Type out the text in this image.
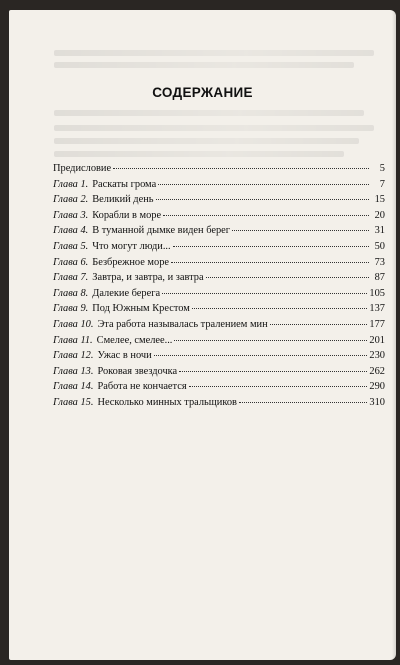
СОДЕРЖАНИЕ
Предисловие	5
Глава 1. Раскаты грома	7
Глава 2. Великий день	15
Глава 3. Корабли в море	20
Глава 4. В туманной дымке виден берег	31
Глава 5. Что могут люди...	50
Глава 6. Безбрежное море	73
Глава 7. Завтра, и завтра, и завтра	87
Глава 8. Далекие берега	105
Глава 9. Под Южным Крестом	137
Глава 10. Эта работа называлась тралением мин	177
Глава 11. Смелее, смелее...	201
Глава 12. Ужас в ночи	230
Глава 13. Роковая звездочка	262
Глава 14. Работа не кончается	290
Глава 15. Несколько минных тральщиков	310
